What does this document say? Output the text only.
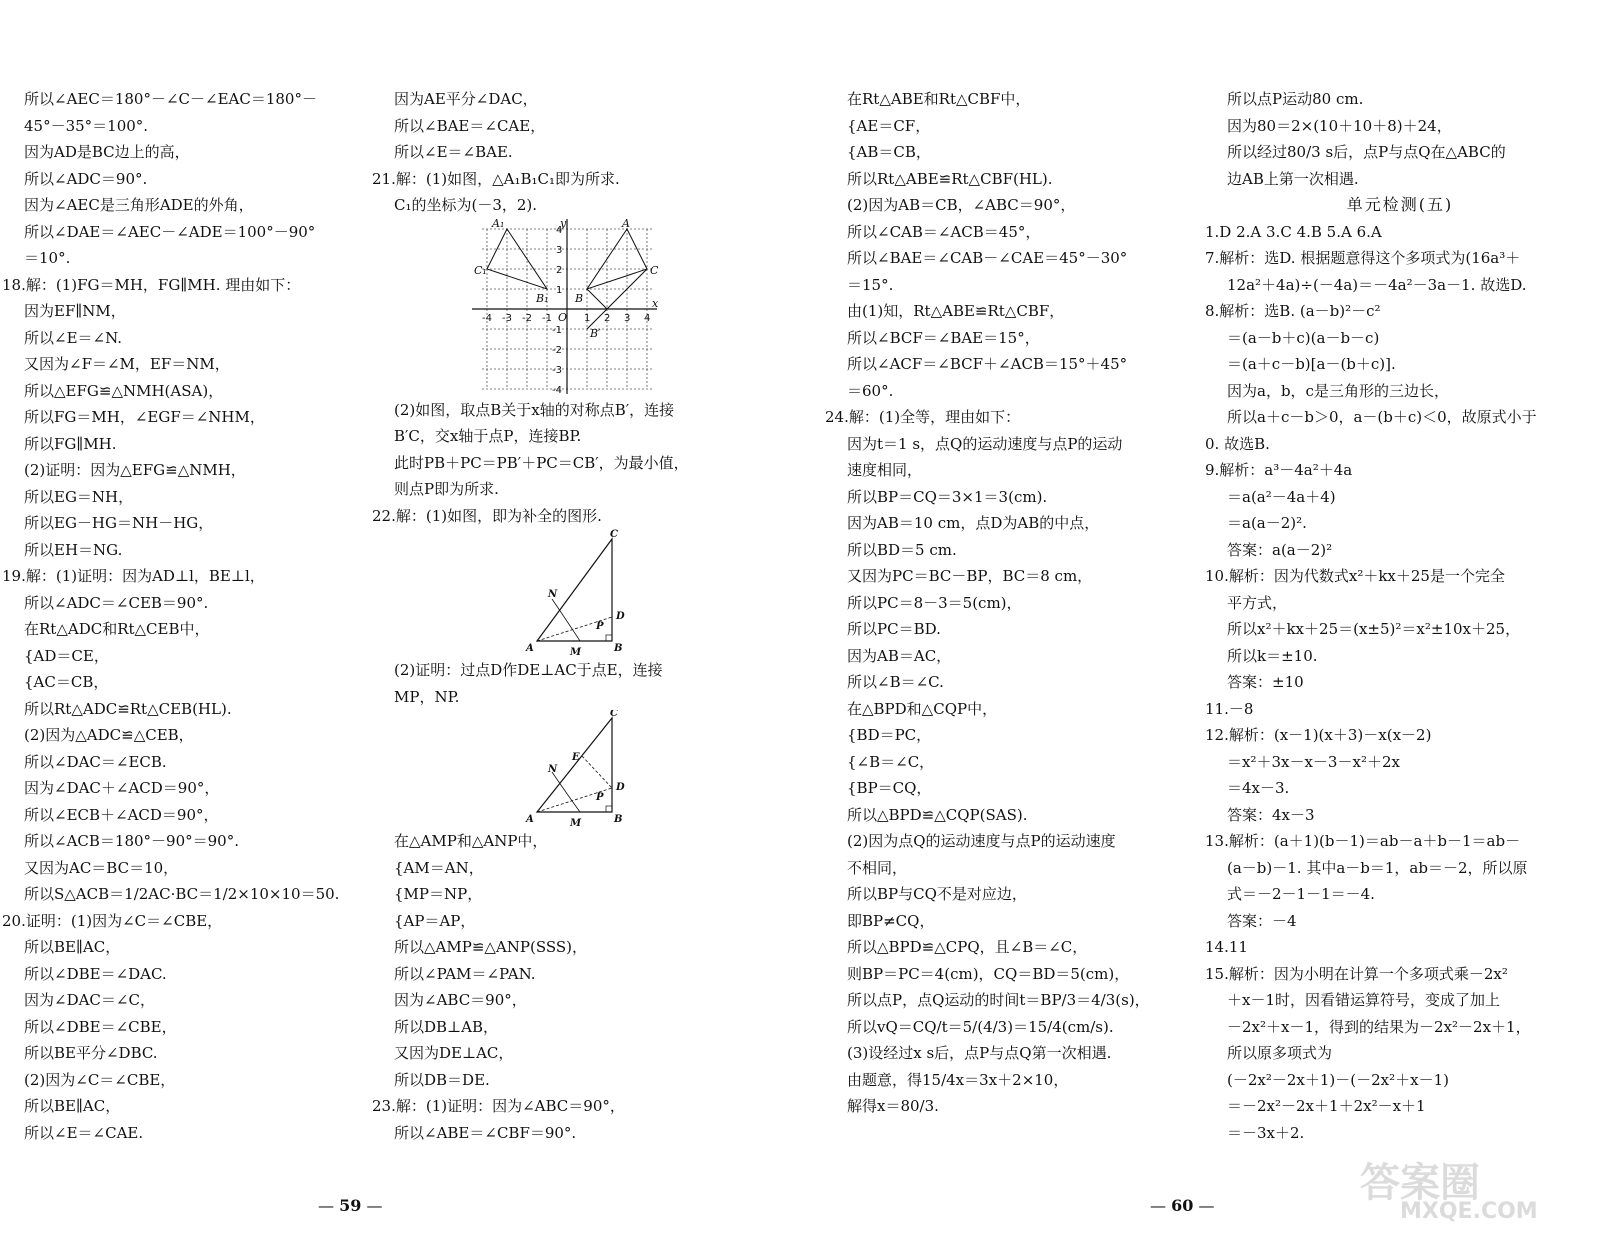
所以∠AEC＝180°－∠C－∠EAC＝180°－
45°－35°＝100°.
因为AD是BC边上的高，
所以∠ADC＝90°.
因为∠AEC是三角形ADE的外角，
所以∠DAE＝∠AEC－∠ADE＝100°－90°
＝10°.
18.解：(1)FG＝MH，FG∥MH. 理由如下：
因为EF∥NM，
所以∠E＝∠N.
又因为∠F＝∠M，EF＝NM，
所以△EFG≌△NMH(ASA)，
所以FG＝MH，∠EGF＝∠NHM，
所以FG∥MH.
(2)证明：因为△EFG≌△NMH，
所以EG＝NH，
所以EG－HG＝NH－HG，
所以EH＝NG.
19.解：(1)证明：因为AD⊥l，BE⊥l，
所以∠ADC＝∠CEB＝90°.
在Rt△ADC和Rt△CEB中，
{AD＝CE，
{AC＝CB，
所以Rt△ADC≌Rt△CEB(HL).
(2)因为△ADC≌△CEB，
所以∠DAC＝∠ECB.
因为∠DAC＋∠ACD＝90°，
所以∠ECB＋∠ACD＝90°，
所以∠ACB＝180°－90°＝90°.
又因为AC＝BC＝10，
所以S△ACB＝1/2AC·BC＝1/2×10×10＝50.
20.证明：(1)因为∠C＝∠CBE，
所以BE∥AC，
所以∠DBE＝∠DAC.
因为∠DAC＝∠C，
所以∠DBE＝∠CBE，
所以BE平分∠DBC.
(2)因为∠C＝∠CBE，
所以BE∥AC，
所以∠E＝∠CAE.
因为AE平分∠DAC，
所以∠BAE＝∠CAE，
所以∠E＝∠BAE.
21.解：(1)如图，△A₁B₁C₁即为所求.
C₁的坐标为(－3，2).
A₁	A
C₁	C
B₁ B
B′
y
x
O
-4 -3 -2 -1	1 2 3 4
4
3
2
1
-1
-2
-3
-4
(2)如图，取点B关于x轴的对称点B′，连接
B′C，交x轴于点P，连接BP.
此时PB＋PC＝PB′＋PC＝CB′，为最小值，
则点P即为所求.
22.解：(1)如图，即为补全的图形.
C
N
D
P
A	M	B
(2)证明：过点D作DE⊥AC于点E，连接
MP，NP.
C
E
N
D
P
A	M	B
在△AMP和△ANP中，
{AM＝AN，
{MP＝NP，
{AP＝AP，
所以△AMP≌△ANP(SSS)，
所以∠PAM＝∠PAN.
因为∠ABC＝90°，
所以DB⊥AB，
又因为DE⊥AC，
所以DB＝DE.
23.解：(1)证明：因为∠ABC＝90°，
所以∠ABE＝∠CBF＝90°.
在Rt△ABE和Rt△CBF中，
{AE＝CF，
{AB＝CB，
所以Rt△ABE≌Rt△CBF(HL).
(2)因为AB＝CB，∠ABC＝90°，
所以∠CAB＝∠ACB＝45°，
所以∠BAE＝∠CAB－∠CAE＝45°－30°
＝15°.
由(1)知，Rt△ABE≌Rt△CBF，
所以∠BCF＝∠BAE＝15°，
所以∠ACF＝∠BCF＋∠ACB＝15°＋45°
＝60°.
24.解：(1)全等，理由如下：
因为t＝1 s，点Q的运动速度与点P的运动
速度相同，
所以BP＝CQ＝3×1＝3(cm).
因为AB＝10 cm，点D为AB的中点，
所以BD＝5 cm.
又因为PC＝BC－BP，BC＝8 cm，
所以PC＝8－3＝5(cm)，
所以PC＝BD.
因为AB＝AC，
所以∠B＝∠C.
在△BPD和△CQP中，
{BD＝PC，
{∠B＝∠C，
{BP＝CQ，
所以△BPD≌△CQP(SAS).
(2)因为点Q的运动速度与点P的运动速度
不相同，
所以BP与CQ不是对应边，
即BP≠CQ，
所以△BPD≌△CPQ，且∠B＝∠C，
则BP＝PC＝4(cm)，CQ＝BD＝5(cm)，
所以点P，点Q运动的时间t＝BP/3＝4/3(s)，
所以vQ＝CQ/t＝5/(4/3)＝15/4(cm/s).
(3)设经过x s后，点P与点Q第一次相遇.
由题意，得15/4x＝3x＋2×10，
解得x＝80/3.
所以点P运动80 cm.
因为80＝2×(10＋10＋8)＋24，
所以经过80/3 s后，点P与点Q在△ABC的
边AB上第一次相遇.
单元检测(五)
1.D 2.A 3.C 4.B 5.A 6.A
7.解析：选D. 根据题意得这个多项式为(16a³＋
12a²＋4a)÷(－4a)＝－4a²－3a－1. 故选D.
8.解析：选B. (a－b)²－c²
＝(a－b＋c)(a－b－c)
＝(a＋c－b)[a－(b＋c)].
因为a，b，c是三角形的三边长，
所以a＋c－b＞0，a－(b＋c)＜0，故原式小于
0. 故选B.
9.解析：a³－4a²＋4a
＝a(a²－4a＋4)
＝a(a－2)².
答案：a(a－2)²
10.解析：因为代数式x²＋kx＋25是一个完全
平方式，
所以x²＋kx＋25＝(x±5)²＝x²±10x＋25，
所以k＝±10.
答案：±10
11.－8
12.解析：(x－1)(x＋3)－x(x－2)
＝x²＋3x－x－3－x²＋2x
＝4x－3.
答案：4x－3
13.解析：(a＋1)(b－1)＝ab－a＋b－1＝ab－
(a－b)－1. 其中a－b＝1，ab＝－2，所以原
式＝－2－1－1＝－4.
答案：－4
14.11
15.解析：因为小明在计算一个多项式乘－2x²
＋x－1时，因看错运算符号，变成了加上
－2x²＋x－1，得到的结果为－2x²－2x＋1，
所以原多项式为
(－2x²－2x＋1)－(－2x²＋x－1)
＝－2x²－2x＋1＋2x²－x＋1
＝－3x＋2.
— 59 —	— 60 —	答案圈
MXQE.COM
